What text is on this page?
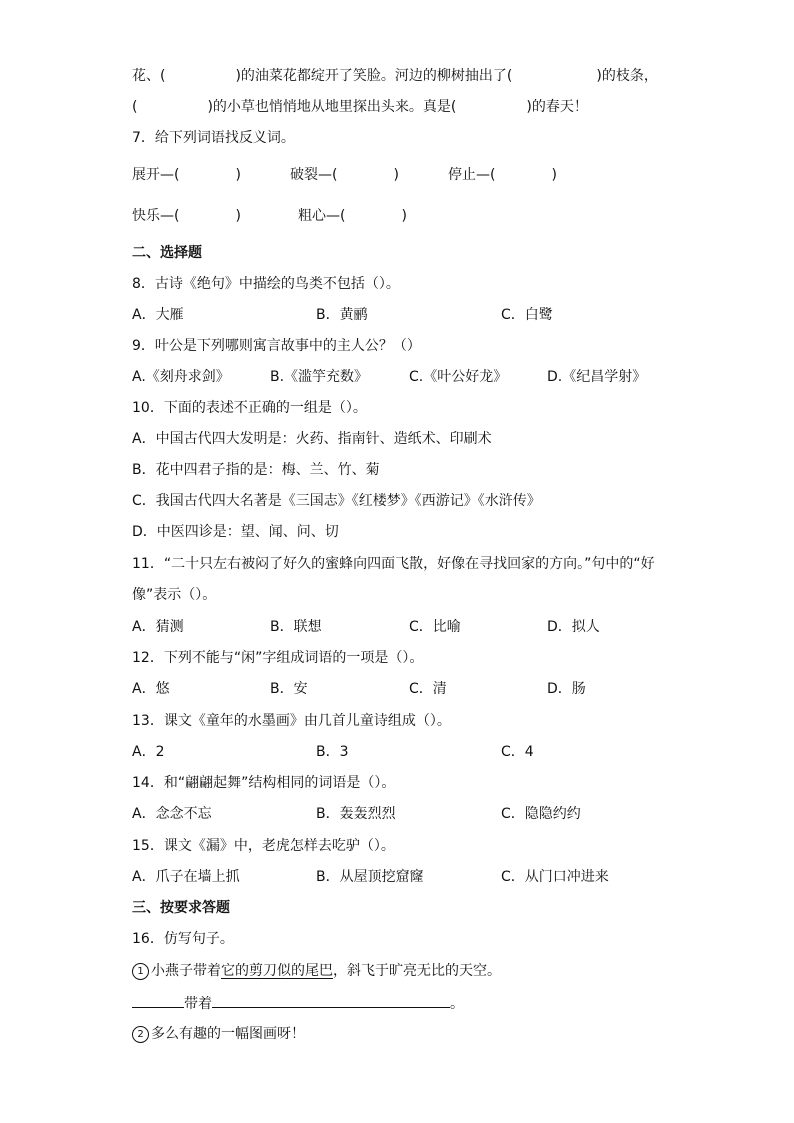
花、(　　　　　)的油菜花都绽开了笑脸。河边的柳树抽出了(　　　　　　)的枝条，
(　　　　　)的小草也悄悄地从地里探出头来。真是(　　　　　)的春天！
7．给下列词语找反义词。
展开—(　　　　)	破裂—(　　　　)	停止—(　　　　)
快乐—(　　　　)	粗心—(　　　　)
二、选择题
8．古诗《绝句》中描绘的鸟类不包括（）。
A．大雁	B．黄鹂	C．白鹭
9．叶公是下列哪则寓言故事中的主人公？（）
A.《刻舟求剑》	B.《滥竽充数》	C.《叶公好龙》	D.《纪昌学射》
10．下面的表述不正确的一组是（）。
A．中国古代四大发明是：火药、指南针、造纸术、印刷术
B．花中四君子指的是：梅、兰、竹、菊
C．我国古代四大名著是《三国志》《红楼梦》《西游记》《水浒传》
D．中医四诊是：望、闻、问、切
11．“二十只左右被闷了好久的蜜蜂向四面飞散，好像在寻找回家的方向。”句中的“好
像”表示（）。
A．猜测	B．联想	C．比喻	D．拟人
12．下列不能与“闲”字组成词语的一项是（）。
A．悠	B．安	C．清	D．肠
13．课文《童年的水墨画》由几首儿童诗组成（）。
A．2	B．3	C．4
14．和“翩翩起舞”结构相同的词语是（）。
A．念念不忘	B．轰轰烈烈	C．隐隐约约
15．课文《漏》中，老虎怎样去吃驴（）。
A．爪子在墙上抓	B．从屋顶挖窟窿	C．从门口冲进来
三、按要求答题
16．仿写句子。
1 小燕子带着它的剪刀似的尾巴，斜飞于旷亮无比的天空。
带着	。
2 多么有趣的一幅图画呀！
